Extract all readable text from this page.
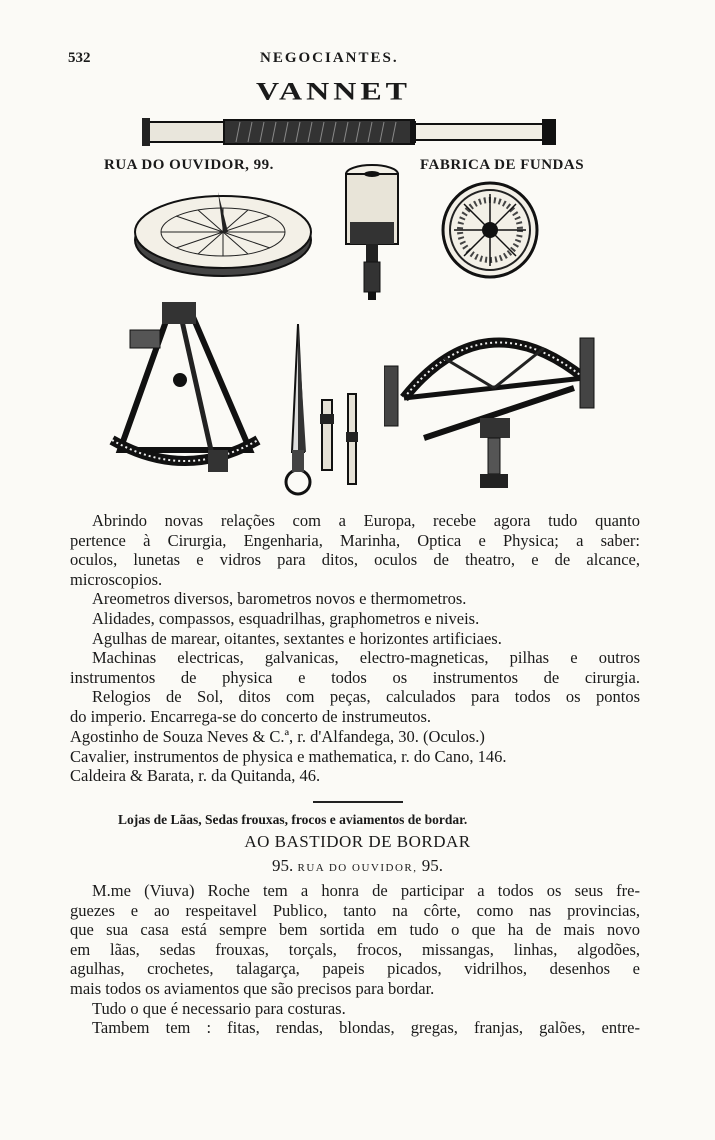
532	NEGOCIANTES.
VANNET
RUA DO OUVIDOR, 99.	FABRICA DE FUNDAS
Abrindo novas relações com a Europa, recebe agora tudo quanto
pertence à Cirurgia, Engenharia, Marinha, Optica e Physica; a saber:
oculos, lunetas e vidros para ditos, oculos de theatro, e de alcance,
microscopios.
Areometros diversos, barometros novos e thermometros.
Alidades, compassos, esquadrilhas, graphometros e niveis.
Agulhas de marear, oitantes, sextantes e horizontes artificiaes.
Machinas electricas, galvanicas, electro-magneticas, pilhas e outros
instrumentos de physica e todos os instrumentos de cirurgia.
Relogios de Sol, ditos com peças, calculados para todos os pontos
do imperio. Encarrega-se do concerto de instrumeutos.
Agostinho de Souza Neves & C.ª, r. d'Alfandega, 30. (Oculos.)
Cavalier, instrumentos de physica e mathematica, r. do Cano, 146.
Caldeira & Barata, r. da Quitanda, 46.
Lojas de Lãas, Sedas frouxas, frocos e aviamentos de bordar.
AO BASTIDOR DE BORDAR
95. RUA DO OUVIDOR, 95.
M.me (Viuva) Roche tem a honra de participar a todos os seus fre-
guezes e ao respeitavel Publico, tanto na côrte, como nas provincias,
que sua casa está sempre bem sortida em tudo o que ha de mais novo
em lãas, sedas frouxas, torçals, frocos, missangas, linhas, algodões,
agulhas, crochetes, talagarça, papeis picados, vidrilhos, desenhos e
mais todos os aviamentos que são precisos para bordar.
Tudo o que é necessario para costuras.
Tambem tem : fitas, rendas, blondas, gregas, franjas, galões, entre-
